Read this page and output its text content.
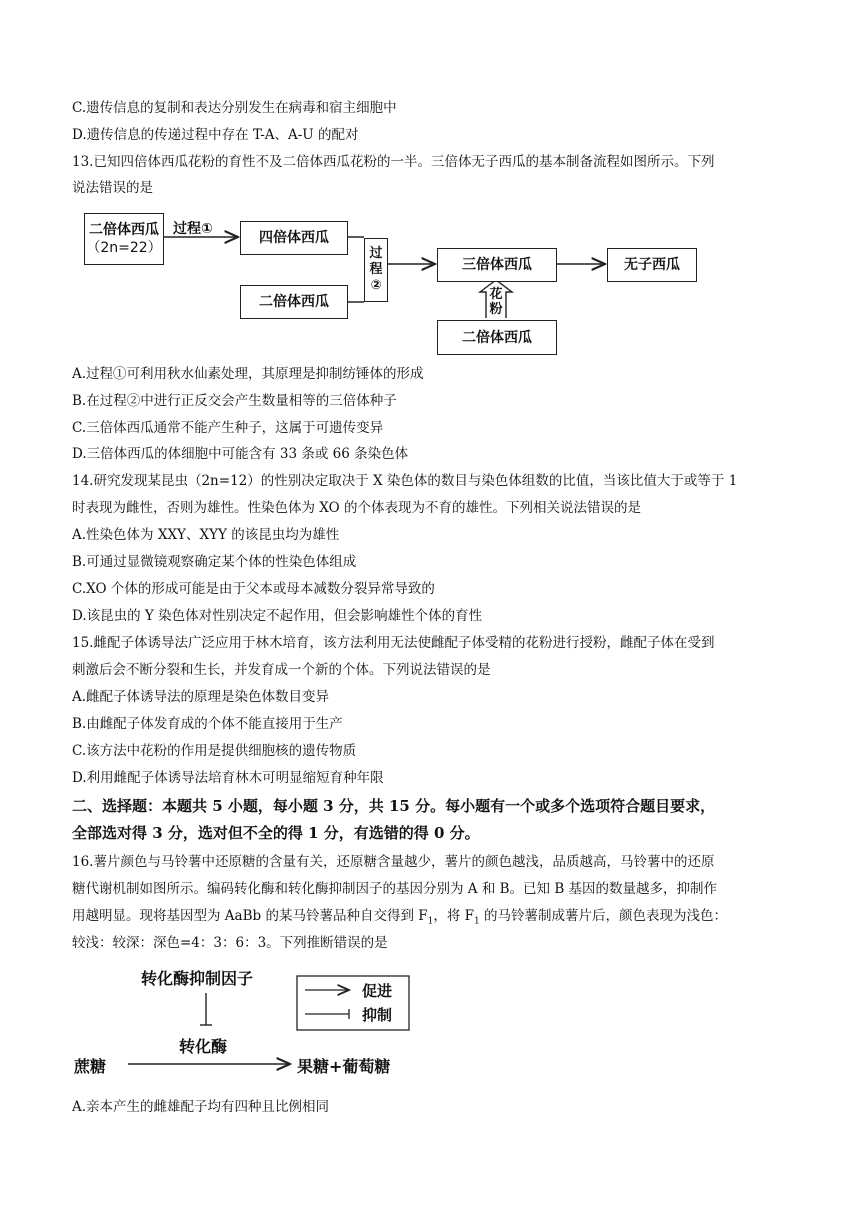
C.遗传信息的复制和表达分别发生在病毒和宿主细胞中
D.遗传信息的传递过程中存在 T-A、A-U 的配对
13.已知四倍体西瓜花粉的育性不及二倍体西瓜花粉的一半。三倍体无子西瓜的基本制备流程如图所示。下列
说法错误的是
二倍体西瓜
（2n=22）
过程①
四倍体西瓜
二倍体西瓜
过
程
②
三倍体西瓜	无子西瓜
花
粉
二倍体西瓜
A.过程①可利用秋水仙素处理，其原理是抑制纺锤体的形成
B.在过程②中进行正反交会产生数量相等的三倍体种子
C.三倍体西瓜通常不能产生种子，这属于可遗传变异
D.三倍体西瓜的体细胞中可能含有 33 条或 66 条染色体
14.研究发现某昆虫（2n=12）的性别决定取决于 X 染色体的数目与染色体组数的比值，当该比值大于或等于 1
时表现为雌性，否则为雄性。性染色体为 XO 的个体表现为不育的雄性。下列相关说法错误的是
A.性染色体为 XXY、XYY 的该昆虫均为雄性
B.可通过显微镜观察确定某个体的性染色体组成
C.XO 个体的形成可能是由于父本或母本减数分裂异常导致的
D.该昆虫的 Y 染色体对性别决定不起作用，但会影响雄性个体的育性
15.雌配子体诱导法广泛应用于林木培育，该方法利用无法使雌配子体受精的花粉进行授粉，雌配子体在受到
刺激后会不断分裂和生长，并发育成一个新的个体。下列说法错误的是
A.雌配子体诱导法的原理是染色体数目变异
B.由雌配子体发育成的个体不能直接用于生产
C.该方法中花粉的作用是提供细胞核的遗传物质
D.利用雌配子体诱导法培育林木可明显缩短育种年限
二、选择题：本题共 5 小题，每小题 3 分，共 15 分。每小题有一个或多个选项符合题目要求，
全部选对得 3 分，选对但不全的得 1 分，有选错的得 0 分。
16.薯片颜色与马铃薯中还原糖的含量有关，还原糖含量越少，薯片的颜色越浅，品质越高，马铃薯中的还原
糖代谢机制如图所示。编码转化酶和转化酶抑制因子的基因分别为 A 和 B。已知 B 基因的数量越多，抑制作
用越明显。现将基因型为 AaBb 的某马铃薯品种自交得到 $F_1$，将 $F_1$ 的马铃薯制成薯片后，颜色表现为浅色：
较浅：较深：深色=4：3：6：3。下列推断错误的是
转化酶抑制因子
转化酶
蔗糖	果糖+葡萄糖
促进
抑制
A.亲本产生的雌雄配子均有四种且比例相同
